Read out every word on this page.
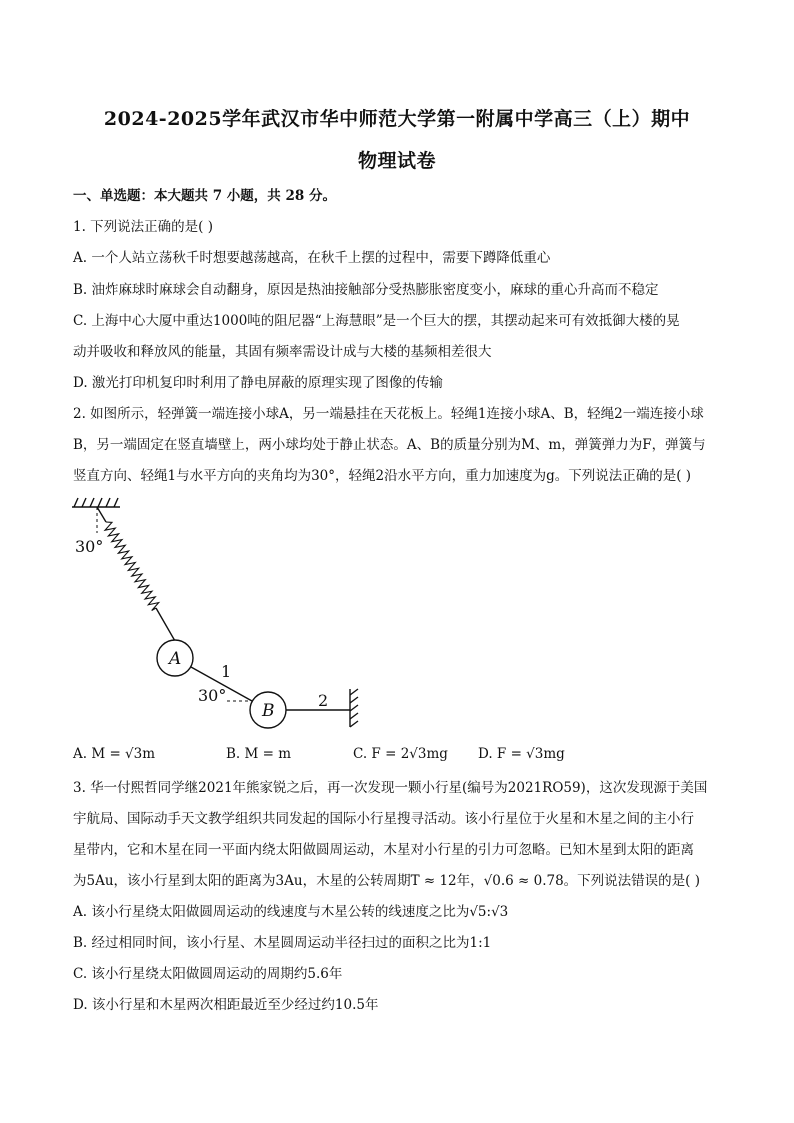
2024-2025学年武汉市华中师范大学第一附属中学高三（上）期中
物理试卷
一、单选题：本大题共 7 小题，共 28 分。
1. 下列说法正确的是( )
A. 一个人站立荡秋千时想要越荡越高，在秋千上摆的过程中，需要下蹲降低重心
B. 油炸麻球时麻球会自动翻身，原因是热油接触部分受热膨胀密度变小，麻球的重心升高而不稳定
C. 上海中心大厦中重达1000吨的阻尼器“上海慧眼”是一个巨大的摆，其摆动起来可有效抵御大楼的晃
动并吸收和释放风的能量，其固有频率需设计成与大楼的基频相差很大
D. 激光打印机复印时利用了静电屏蔽的原理实现了图像的传输
2. 如图所示，轻弹簧一端连接小球A，另一端悬挂在天花板上。轻绳1连接小球A、B，轻绳2一端连接小球
B，另一端固定在竖直墙壁上，两小球均处于静止状态。A、B的质量分别为M、m，弹簧弹力为F，弹簧与
竖直方向、轻绳1与水平方向的夹角均为30°，轻绳2沿水平方向，重力加速度为g。下列说法正确的是( )
30°
A
1
30°
B
2
A. M = √3m	B. M = m	C. F = 2√3mg D. F = √3mg
3. 华一付熙哲同学继2021年熊家锐之后，再一次发现一颗小行星(编号为2021RO59)，这次发现源于美国
宇航局、国际动手天文教学组织共同发起的国际小行星搜寻活动。该小行星位于火星和木星之间的主小行
星带内，它和木星在同一平面内绕太阳做圆周运动，木星对小行星的引力可忽略。已知木星到太阳的距离
为5Au，该小行星到太阳的距离为3Au，木星的公转周期T ≈ 12年，√0.6 ≈ 0.78。下列说法错误的是( )
A. 该小行星绕太阳做圆周运动的线速度与木星公转的线速度之比为√5:√3
B. 经过相同时间，该小行星、木星圆周运动半径扫过的面积之比为1:1
C. 该小行星绕太阳做圆周运动的周期约5.6年
D. 该小行星和木星两次相距最近至少经过约10.5年
